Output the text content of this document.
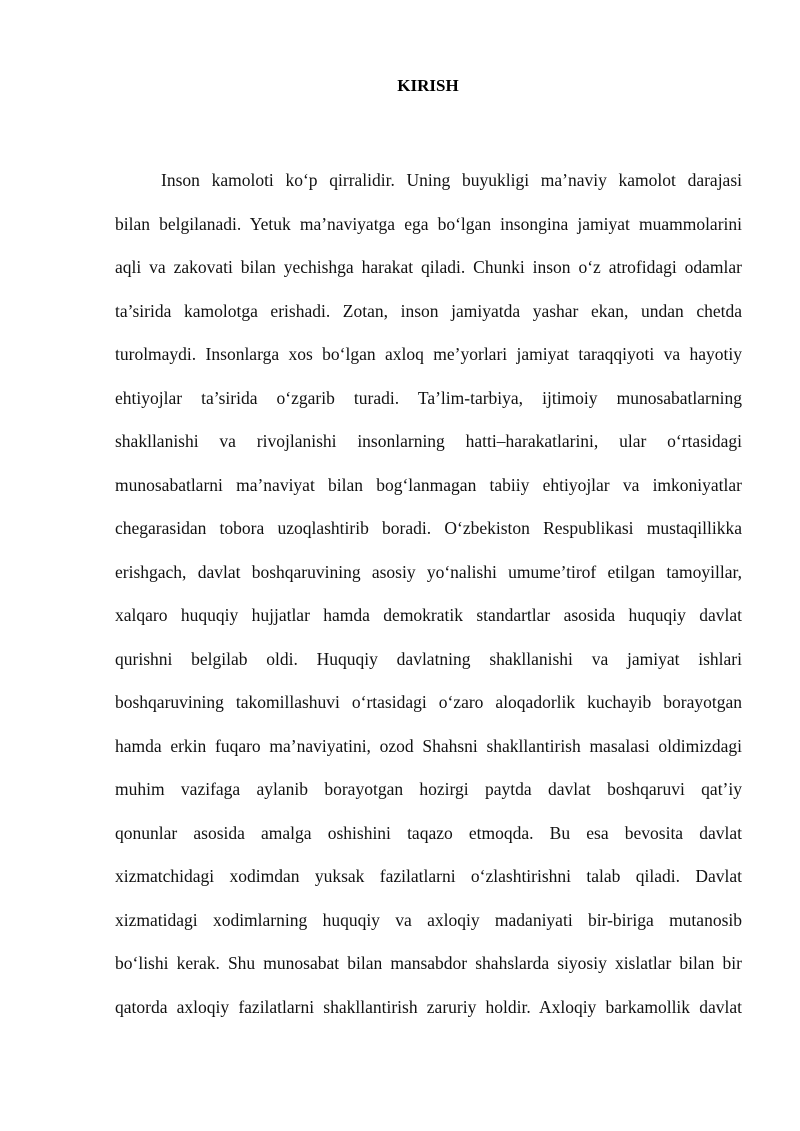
KIRISH
Inson kamoloti ko‘p qirralidir. Uning buyukligi ma’naviy kamolot darajasi
bilan belgilanadi. Yetuk ma’naviyatga ega bo‘lgan insongina jamiyat muammolarini
aqli va zakovati bilan yechishga harakat qiladi. Chunki inson o‘z atrofidagi odamlar
ta’sirida kamolotga erishadi. Zotan, inson jamiyatda yashar ekan, undan chetda
turolmaydi. Insonlarga xos bo‘lgan axloq me’yorlari jamiyat taraqqiyoti va hayotiy
ehtiyojlar ta’sirida o‘zgarib turadi. Ta’lim-tarbiya, ijtimoiy munosabatlarning
shakllanishi va rivojlanishi insonlarning hatti–harakatlarini, ular o‘rtasidagi
munosabatlarni ma’naviyat bilan bog‘lanmagan tabiiy ehtiyojlar va imkoniyatlar
chegarasidan tobora uzoqlashtirib boradi. O‘zbekiston Respublikasi mustaqillikka
erishgach, davlat boshqaruvining asosiy yo‘nalishi umume’tirof etilgan tamoyillar,
xalqaro huquqiy hujjatlar hamda demokratik standartlar asosida huquqiy davlat
qurishni belgilab oldi. Huquqiy davlatning shakllanishi va jamiyat ishlari
boshqaruvining takomillashuvi o‘rtasidagi o‘zaro aloqadorlik kuchayib borayotgan
hamda erkin fuqaro ma’naviyatini, ozod Shahsni shakllantirish masalasi oldimizdagi
muhim vazifaga aylanib borayotgan hozirgi paytda davlat boshqaruvi qat’iy
qonunlar asosida amalga oshishini taqazo etmoqda. Bu esa bevosita davlat
xizmatchidagi xodimdan yuksak fazilatlarni o‘zlashtirishni talab qiladi. Davlat
xizmatidagi xodimlarning huquqiy va axloqiy madaniyati bir-biriga mutanosib
bo‘lishi kerak. Shu munosabat bilan mansabdor shahslarda siyosiy xislatlar bilan bir
qatorda axloqiy fazilatlarni shakllantirish zaruriy holdir. Axloqiy barkamollik davlat
